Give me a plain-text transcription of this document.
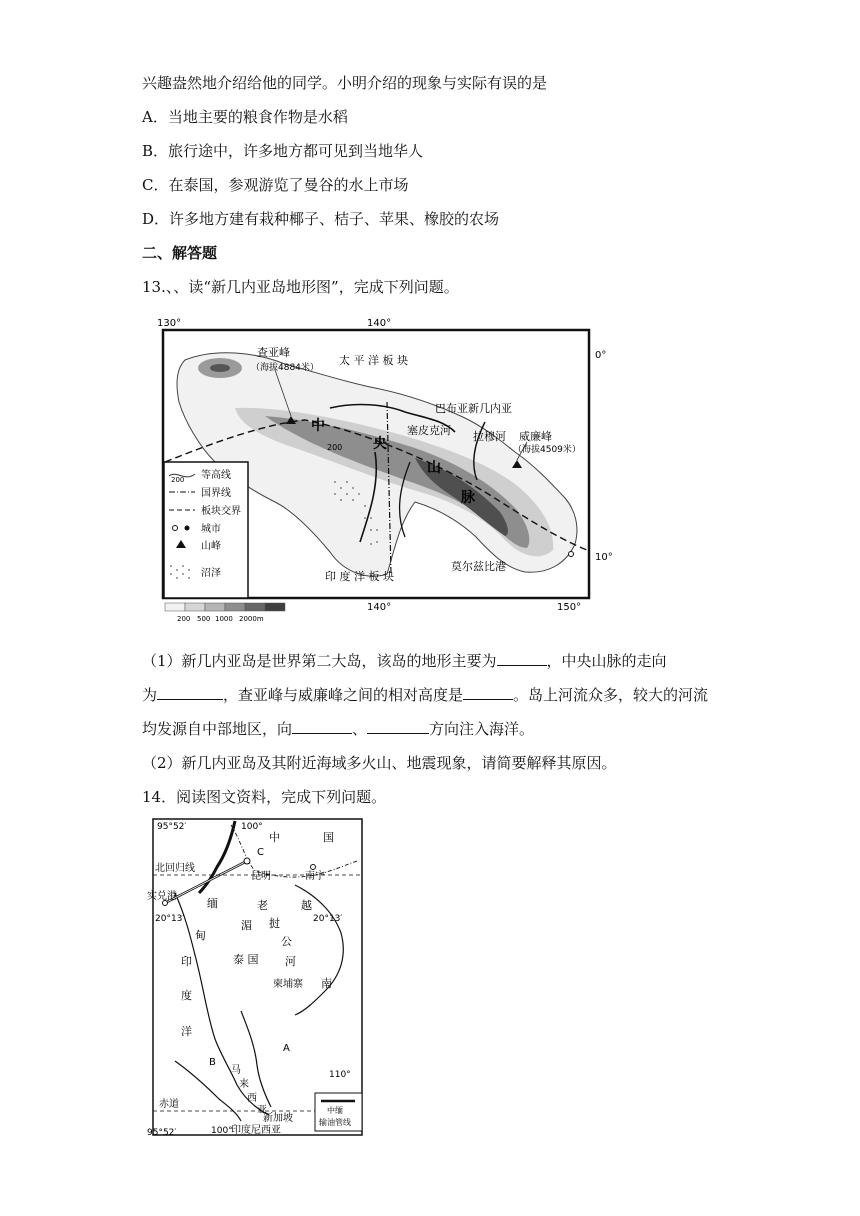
兴趣盎然地介绍给他的同学。小明介绍的现象与实际有误的是
A．当地主要的粮食作物是水稻
B．旅行途中，许多地方都可见到当地华人
C．在泰国，参观游览了曼谷的水上市场
D．许多地方建有栽种椰子、桔子、苹果、橡胶的农场
二、解答题
13.、、读“新几内亚岛地形图”，完成下列问题。
130°	140°
0°
10°
140°	150°
查亚峰
（海拔4884米）
太 平 洋 板 块
巴布亚新几内亚
塞皮克河 拉穆河 威廉峰
（海拔4509米）
200
中
央
山
脉
印 度 洋 板 块
莫尔兹比港
200 等高线
国界线
板块交界
城市
山峰
沼泽
200 500 1000 2000m
（1）新几内亚岛是世界第二大岛，该岛的地形主要为	，中央山脉的走向
为	，查亚峰与威廉峰之间的相对高度是	。岛上河流众多，较大的河流
均发源自中部地区，向	、	方向注入海洋。
（2）新几内亚岛及其附近海域多火山、地震现象，请简要解释其原因。
14．阅读图文资料，完成下列问题。
95°52′	100°
中	国
C
北回归线
昆明	南宁
实兑港
缅	老	越
20°13′	20°13′
湄 挝
甸	公
泰 国 河
印
柬埔寨 南
度
洋
A
B
马	110°
来
西
亚
赤道
新加坡
95°52′	100°
印度尼西亚
中缅
输油管线
